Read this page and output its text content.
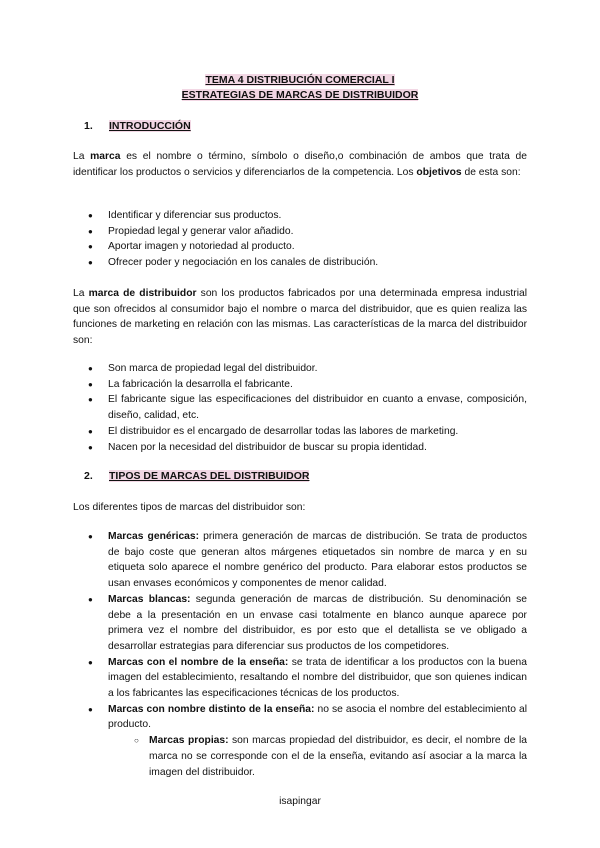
TEMA 4 DISTRIBUCIÓN COMERCIAL I
ESTRATEGIAS DE MARCAS DE DISTRIBUIDOR
1. INTRODUCCIÓN
La marca es el nombre o término, símbolo o diseño,o combinación de ambos que trata de identificar los productos o servicios y diferenciarlos de la competencia. Los objetivos de esta son:
● Identificar y diferenciar sus productos.
● Propiedad legal y generar valor añadido.
● Aportar imagen y notoriedad al producto.
● Ofrecer poder y negociación en los canales de distribución.
La marca de distribuidor son los productos fabricados por una determinada empresa industrial que son ofrecidos al consumidor bajo el nombre o marca del distribuidor, que es quien realiza las funciones de marketing en relación con las mismas. Las características de la marca del distribuidor son:
● Son marca de propiedad legal del distribuidor.
● La fabricación la desarrolla el fabricante.
● El fabricante sigue las especificaciones del distribuidor en cuanto a envase, composición, diseño, calidad, etc.
● El distribuidor es el encargado de desarrollar todas las labores de marketing.
● Nacen por la necesidad del distribuidor de buscar su propia identidad.
2. TIPOS DE MARCAS DEL DISTRIBUIDOR
Los diferentes tipos de marcas del distribuidor son:
● Marcas genéricas: primera generación de marcas de distribución. Se trata de productos de bajo coste que generan altos márgenes etiquetados sin nombre de marca y en su etiqueta solo aparece el nombre genérico del producto. Para elaborar estos productos se usan envases económicos y componentes de menor calidad.
● Marcas blancas: segunda generación de marcas de distribución. Su denominación se debe a la presentación en un envase casi totalmente en blanco aunque aparece por primera vez el nombre del distribuidor, es por esto que el detallista se ve obligado a desarrollar estrategias para diferenciar sus productos de los competidores.
● Marcas con el nombre de la enseña: se trata de identificar a los productos con la buena imagen del establecimiento, resaltando el nombre del distribuidor, que son quienes indican a los fabricantes las especificaciones técnicas de los productos.
● Marcas con nombre distinto de la enseña: no se asocia el nombre del establecimiento al producto.
○ Marcas propias: son marcas propiedad del distribuidor, es decir, el nombre de la marca no se corresponde con el de la enseña, evitando así asociar a la marca la imagen del distribuidor.
isapingar
